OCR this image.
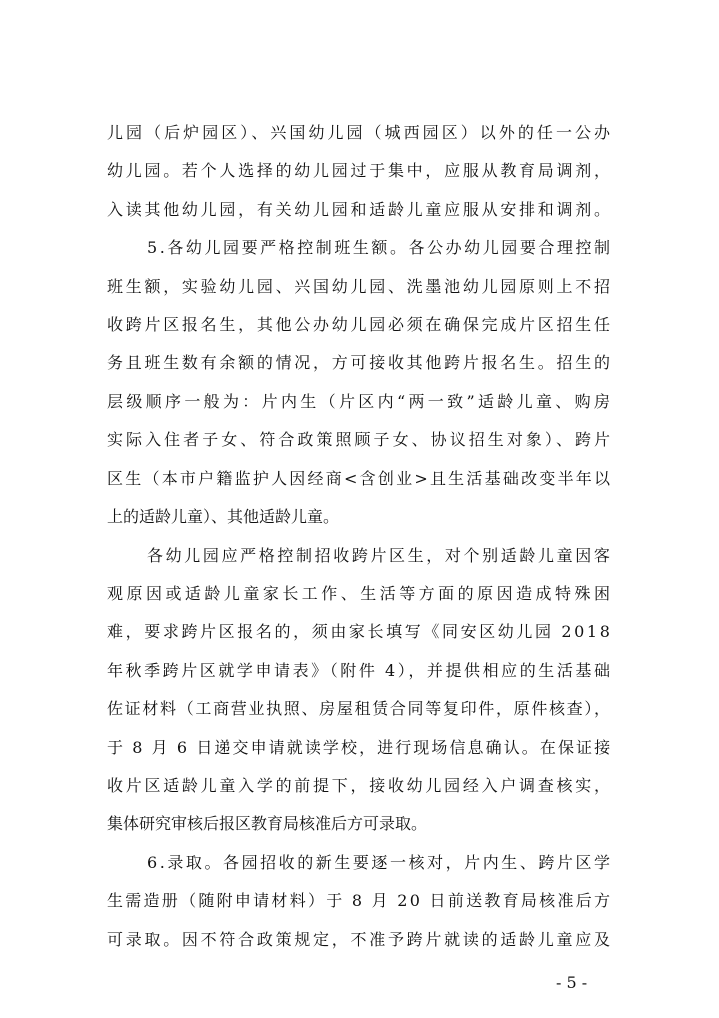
儿园（后炉园区）、兴国幼儿园（城西园区）以外的任一公办
幼儿园。若个人选择的幼儿园过于集中，应服从教育局调剂，
入读其他幼儿园，有关幼儿园和适龄儿童应服从安排和调剂。
5.各幼儿园要严格控制班生额。各公办幼儿园要合理控制
班生额，实验幼儿园、兴国幼儿园、洗墨池幼儿园原则上不招
收跨片区报名生，其他公办幼儿园必须在确保完成片区招生任
务且班生数有余额的情况，方可接收其他跨片报名生。招生的
层级顺序一般为：片内生（片区内“两一致”适龄儿童、购房
实际入住者子女、符合政策照顾子女、协议招生对象）、跨片
区生（本市户籍监护人因经商<含创业>且生活基础改变半年以
上的适龄儿童）、其他适龄儿童。
各幼儿园应严格控制招收跨片区生，对个别适龄儿童因客
观原因或适龄儿童家长工作、生活等方面的原因造成特殊困
难，要求跨片区报名的，须由家长填写《同安区幼儿园 2018
年秋季跨片区就学申请表》（附件 4），并提供相应的生活基础
佐证材料（工商营业执照、房屋租赁合同等复印件，原件核查），
于 8 月 6 日递交申请就读学校，进行现场信息确认。在保证接
收片区适龄儿童入学的前提下，接收幼儿园经入户调查核实，
集体研究审核后报区教育局核准后方可录取。
6.录取。各园招收的新生要逐一核对，片内生、跨片区学
生需造册（随附申请材料）于 8 月 20 日前送教育局核准后方
可录取。因不符合政策规定，不准予跨片就读的适龄儿童应及
- 5 -
